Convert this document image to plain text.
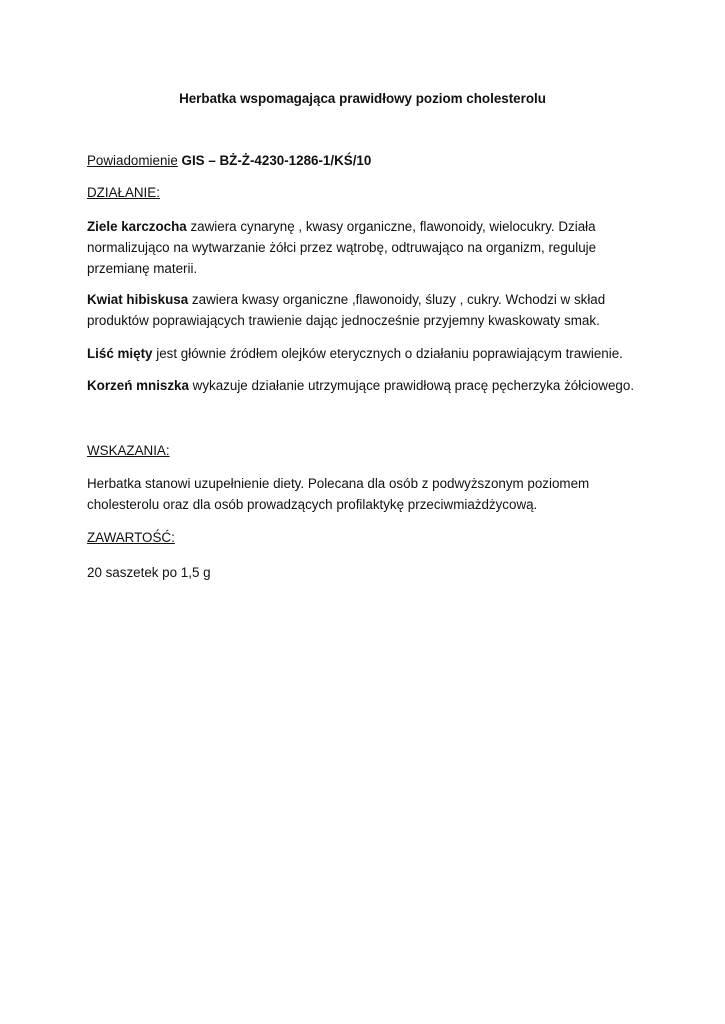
Herbatka wspomagająca prawidłowy poziom cholesterolu

Powiadomienie GIS – BŻ-Ż-4230-1286-1/KŚ/10

DZIAŁANIE:

Ziele karczocha zawiera cynarynę , kwasy organiczne, flawonoidy, wielocukry. Działa normalizująco na wytwarzanie żółci przez wątrobę, odtruwająco na organizm, reguluje przemianę materii.

Kwiat hibiskusa zawiera kwasy organiczne ,flawonoidy, śluzy , cukry. Wchodzi w skład produktów poprawiających trawienie dając jednocześnie przyjemny kwaskowaty smak.

Liść mięty jest głównie źródłem olejków eterycznych o działaniu poprawiającym trawienie.

Korzeń mniszka wykazuje działanie utrzymujące prawidłową pracę pęcherzyka żółciowego.

WSKAZANIA:

Herbatka stanowi uzupełnienie diety. Polecana dla osób z podwyższonym poziomem cholesterolu oraz dla osób prowadzących profilaktykę przeciwmiażdżycową.

ZAWARTOŚĆ:

20 saszetek po 1,5 g
